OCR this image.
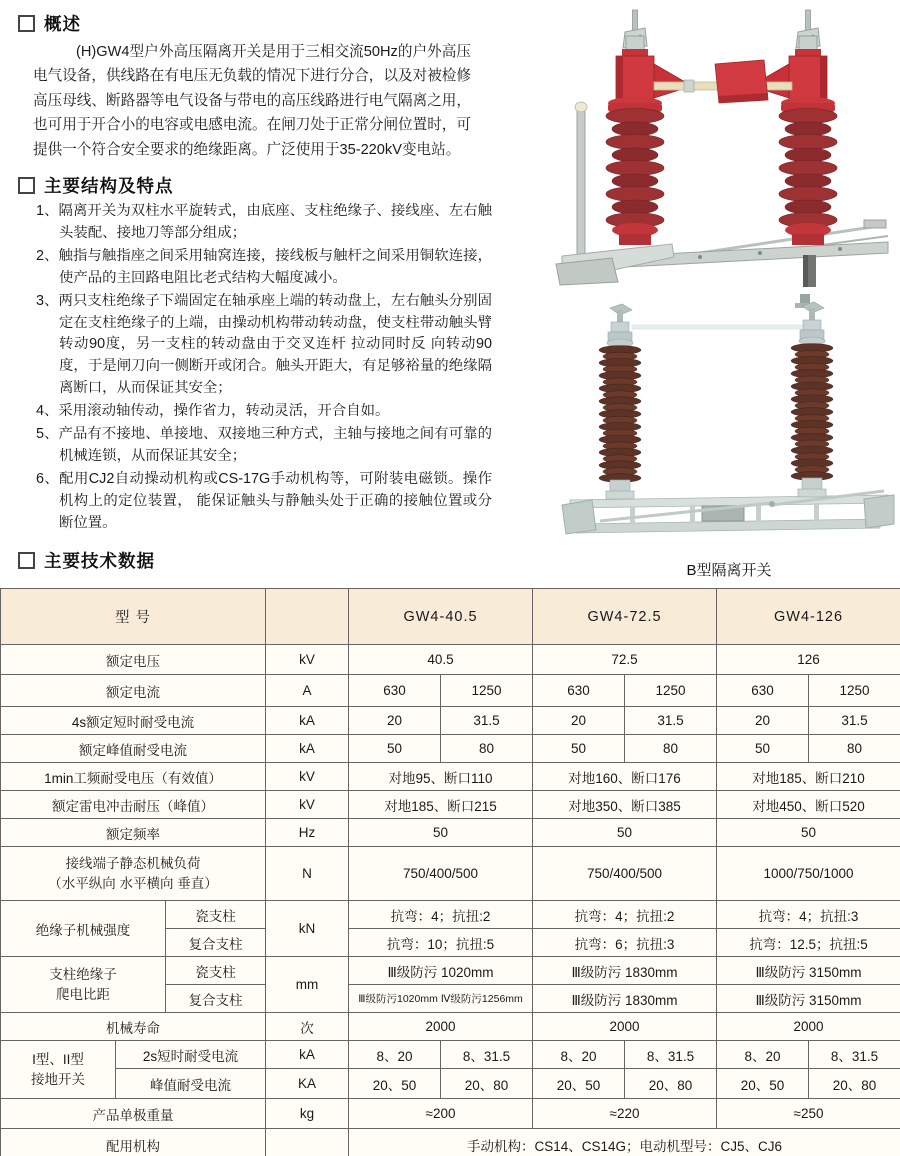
概述
(H)GW4型户外高压隔离开关是用于三相交流50Hz的户外高压电气设备，供线路在有电压无负载的情况下进行分合，以及对被检修高压母线、断路器等电气设备与带电的高压线路进行电气隔离之用，也可用于开合小的电容或电感电流。在闸刀处于正常分闸位置时，可提供一个符合安全要求的绝缘距离。广泛使用于35-220kV变电站。
主要结构及特点
1、隔离开关为双柱水平旋转式，由底座、支柱绝缘子、接线座、左右触头装配、接地刀等部分组成；
2、触指与触指座之间采用轴窝连接，接线板与触杆之间采用铜软连接，使产品的主回路电阻比老式结构大幅度减小。
3、两只支柱绝缘子下端固定在轴承座上端的转动盘上，左右触头分别固定在支柱绝缘子的上端，由操动机构带动转动盘，使支柱带动触头臂转动90度，另一支柱的转动盘由于交叉连杆 拉动同时反 向转动90度，于是闸刀向一侧断开或闭合。触头开距大，有足够裕量的绝缘隔离断口，从而保证其安全；
4、采用滚动轴传动，操作省力，转动灵活，开合自如。
5、产品有不接地、单接地、双接地三种方式，主轴与接地之间有可靠的机械连锁，从而保证其安全；
6、配用CJ2自动操动机构或CS-17G手动机构等，可附装电磁锁。操作机构上的定位装置， 能保证触头与静触头处于正确的接触位置或分断位置。
主要技术数据	B型隔离开关
型 号				GW4-40.5		GW4-72.5		GW4-126	
额定电压			kV	40.5		72.5		126	
额定电流			A	630	1250	630	1250	630	1250
4s额定短时耐受电流			kA	20	31.5	20	31.5	20	31.5
额定峰值耐受电流			kA	50	80	50	80	50	80
1min工频耐受电压（有效值）			kV	对地95、断口110		对地160、断口176		对地185、断口210	
额定雷电冲击耐压（峰值）			kV	对地185、断口215		对地350、断口385		对地450、断口520	
额定频率			Hz	50		50		50	

接线端子静态机械负荷
（水平纵向 水平横向 垂直）			N	750/400/500		750/400/500		1000/750/1000	
绝缘子机械强度		瓷支柱	kN	抗弯：4；抗扭:2		抗弯：4；抗扭:2		抗弯：4；抗扭:3	
		复合支柱		抗弯：10；抗扭:5		抗弯：6；抗扭:3		抗弯：12.5；抗扭:5	

支柱绝缘子
爬电比距		瓷支柱	mm	Ⅲ级防污 1020mm		Ⅲ级防污 1830mm		Ⅲ级防污 3150mm	
		复合支柱		Ⅲ级防污1020mm Ⅳ级防污1256mm		Ⅲ级防污 1830mm		Ⅲ级防污 3150mm	
机械寿命			次	2000		2000		2000	

I型、II型
接地开关	2s短时耐受电流		kA	8、20	8、31.5	8、20	8、31.5	8、20	8、31.5
	峰值耐受电流		KA	20、50	20、80	20、50	20、80	20、50	20、80
产品单极重量			kg	≈200		≈220		≈250	
配用机构				手动机构：CS14、CS14G；电动机型号：CJ5、CJ6					
